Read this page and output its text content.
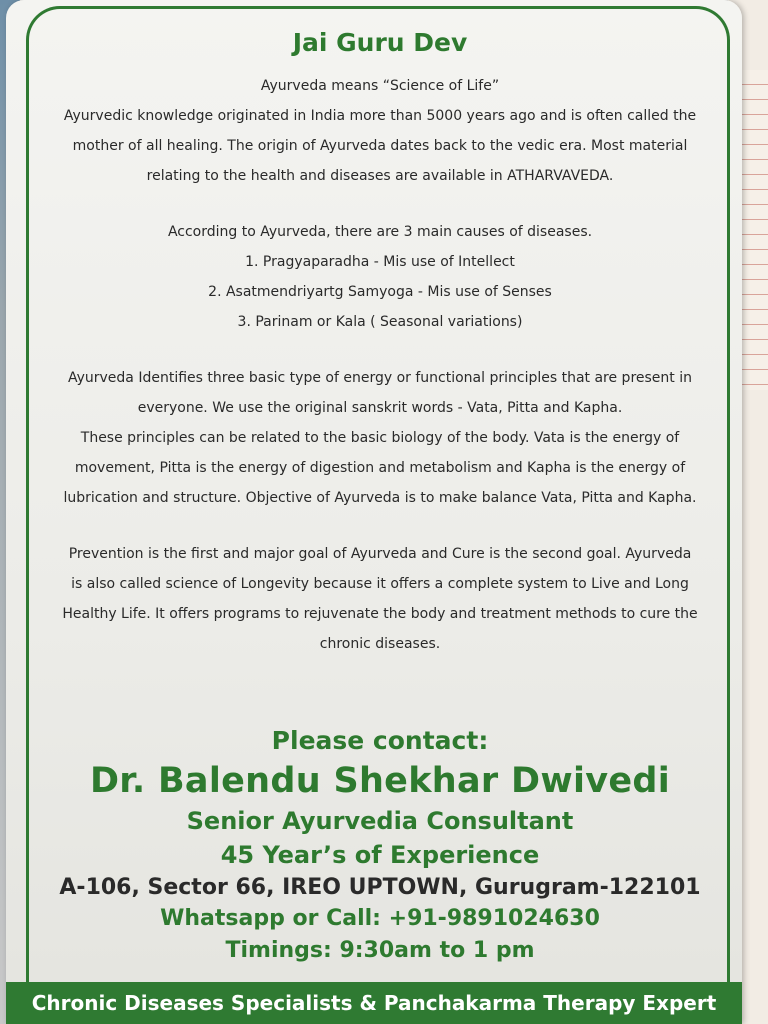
Jai Guru Dev
Ayurveda means “Science of Life”
Ayurvedic knowledge originated in India more than 5000 years ago and is often called the
mother of all healing. The origin of Ayurveda dates back to the vedic era. Most material
relating to the health and diseases are available in ATHARVAVEDA.
According to Ayurveda, there are 3 main causes of diseases.
1. Pragyaparadha - Mis use of Intellect
2. Asatmendriyartg Samyoga - Mis use of Senses
3. Parinam or Kala ( Seasonal variations)
Ayurveda Identifies three basic type of energy or functional principles that are present in
everyone. We use the original sanskrit words - Vata, Pitta and Kapha.
These principles can be related to the basic biology of the body. Vata is the energy of
movement, Pitta is the energy of digestion and metabolism and Kapha is the energy of
lubrication and structure. Objective of Ayurveda is to make balance Vata, Pitta and Kapha.
Prevention is the first and major goal of Ayurveda and Cure is the second goal. Ayurveda
is also called science of Longevity because it offers a complete system to Live and Long
Healthy Life. It offers programs to rejuvenate the body and treatment methods to cure the
chronic diseases.
Please contact:
Dr. Balendu Shekhar Dwivedi
Senior Ayurvedia Consultant
45 Year’s of Experience
A-106, Sector 66, IREO UPTOWN, Gurugram-122101
Whatsapp or Call: +91-9891024630
Timings: 9:30am to 1 pm
Chronic Diseases Specialists & Panchakarma Therapy Expert
